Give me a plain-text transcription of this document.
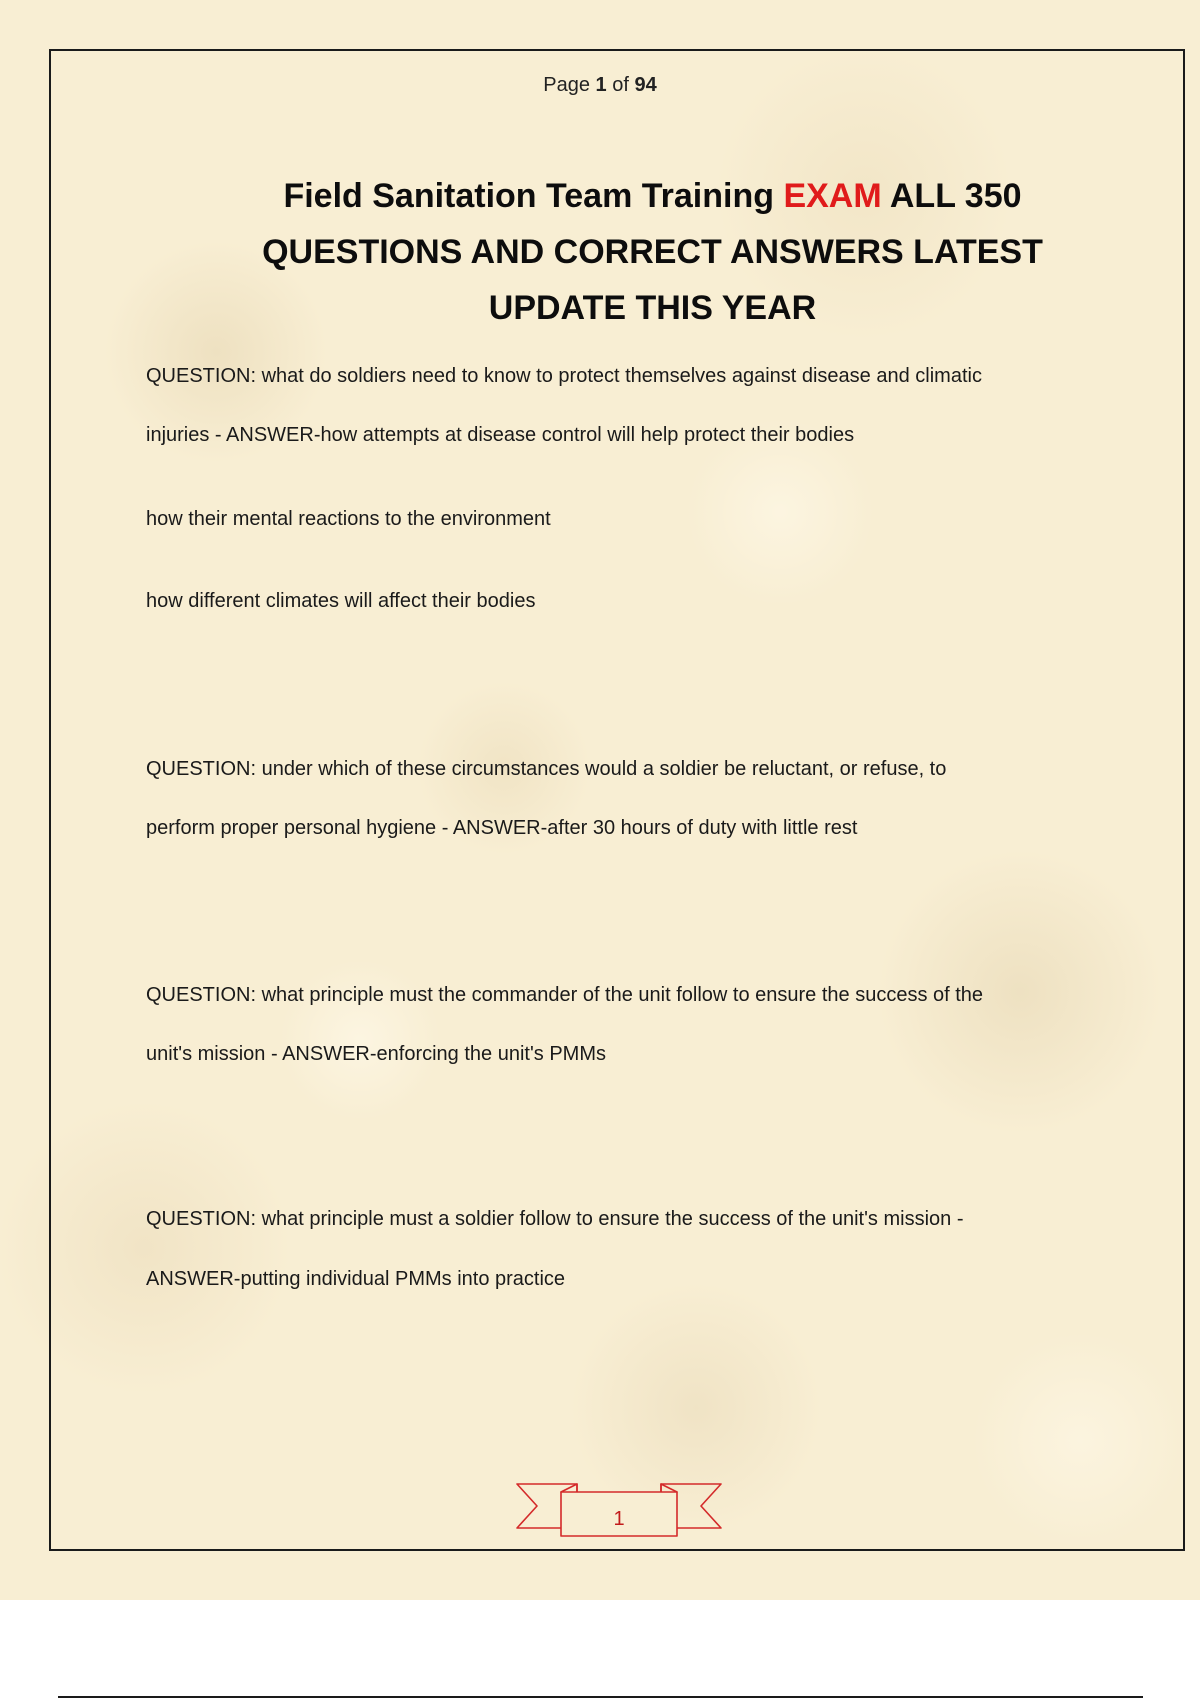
Page 1 of 94
Field Sanitation Team Training EXAM ALL 350
QUESTIONS AND CORRECT ANSWERS LATEST
UPDATE THIS YEAR
QUESTION: what do soldiers need to know to protect themselves against disease and climatic
injuries - ANSWER-how attempts at disease control will help protect their bodies
how their mental reactions to the environment
how different climates will affect their bodies
QUESTION: under which of these circumstances would a soldier be reluctant, or refuse, to
perform proper personal hygiene - ANSWER-after 30 hours of duty with little rest
QUESTION: what principle must the commander of the unit follow to ensure the success of the
unit's mission - ANSWER-enforcing the unit's PMMs
QUESTION: what principle must a soldier follow to ensure the success of the unit's mission -
ANSWER-putting individual PMMs into practice
1
